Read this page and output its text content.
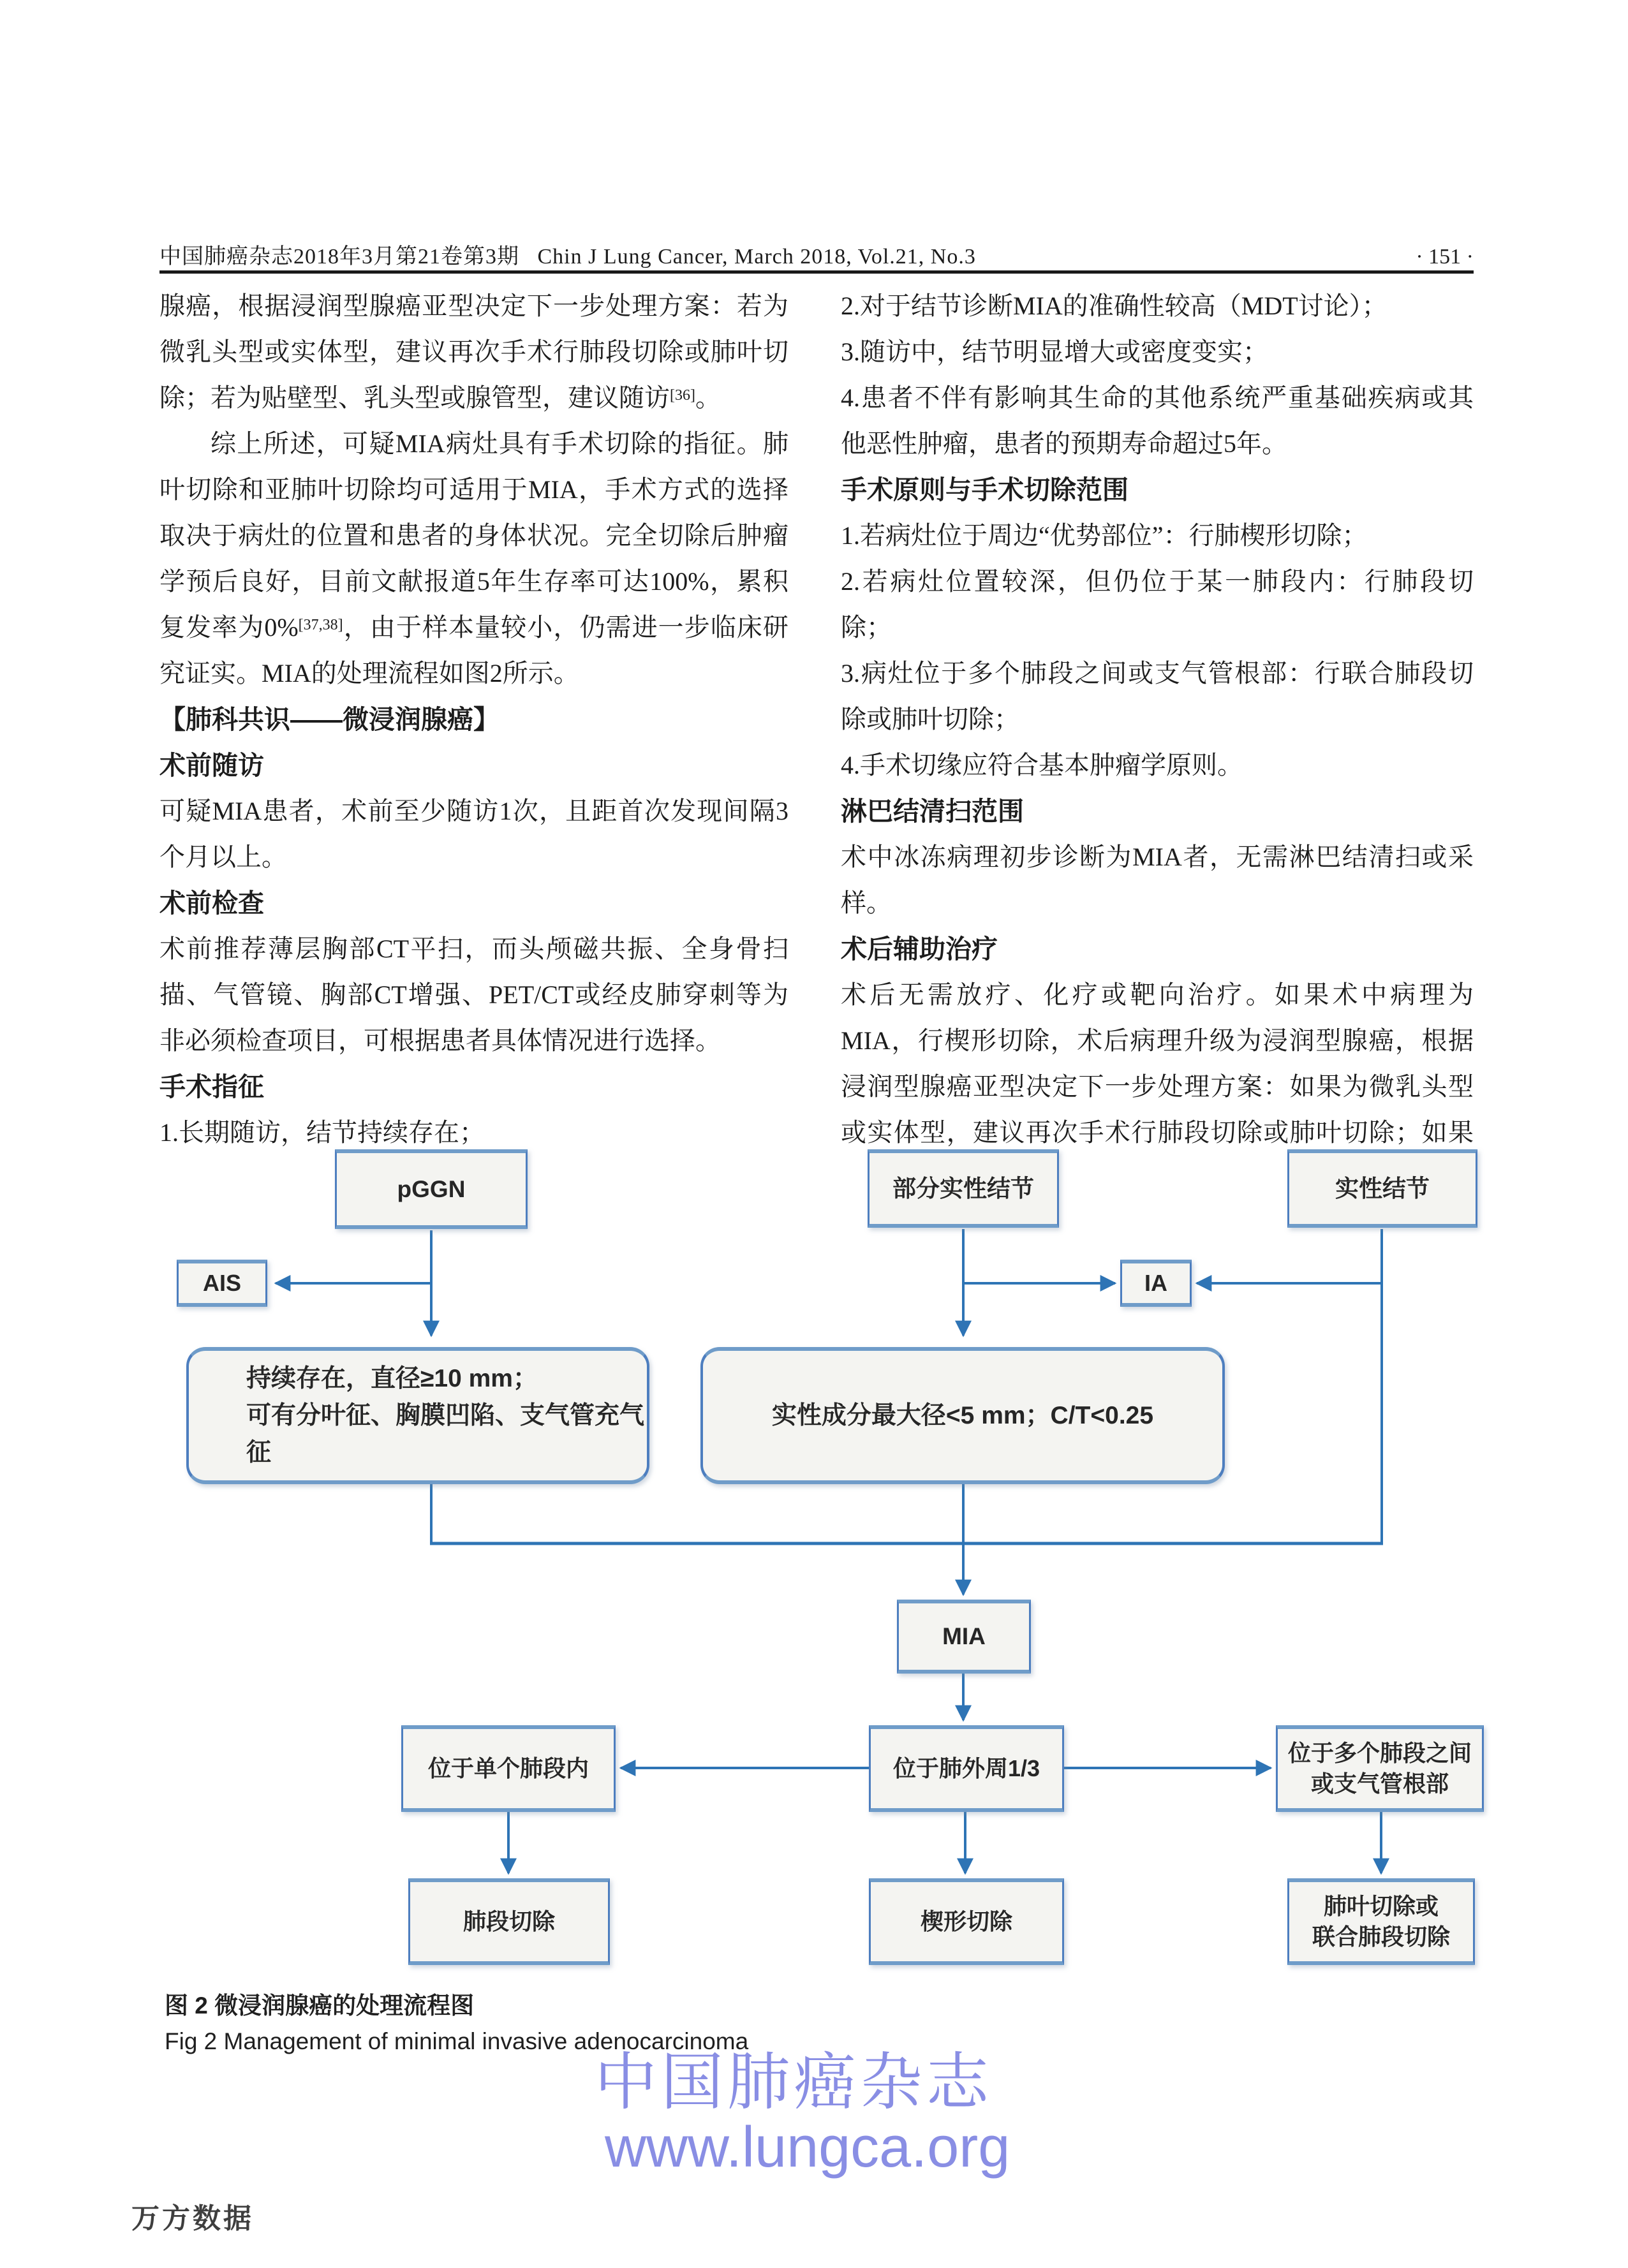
中国肺癌杂志2018年3月第21卷第3期 Chin J Lung Cancer, March 2018, Vol.21, No.3	· 151 ·
腺癌，根据浸润型腺癌亚型决定下一步处理方案：若为
微乳头型或实体型，建议再次手术行肺段切除或肺叶切
除；若为贴壁型、乳头型或腺管型，建议随访[36]。
综上所述，可疑MIA病灶具有手术切除的指征。肺
叶切除和亚肺叶切除均可适用于MIA，手术方式的选择
取决于病灶的位置和患者的身体状况。完全切除后肿瘤
学预后良好，目前文献报道5年生存率可达100%，累积
复发率为0%[37,38]，由于样本量较小，仍需进一步临床研
究证实。MIA的处理流程如图2所示。
【肺科共识——微浸润腺癌】
术前随访
可疑MIA患者，术前至少随访1次，且距首次发现间隔3
个月以上。
术前检查
术前推荐薄层胸部CT平扫，而头颅磁共振、全身骨扫
描、气管镜、胸部CT增强、PET/CT或经皮肺穿刺等为
非必须检查项目，可根据患者具体情况进行选择。
手术指征
1.长期随访，结节持续存在；
2.对于结节诊断MIA的准确性较高（MDT讨论）；
3.随访中，结节明显增大或密度变实；
4.患者不伴有影响其生命的其他系统严重基础疾病或其
他恶性肿瘤，患者的预期寿命超过5年。
手术原则与手术切除范围
1.若病灶位于周边“优势部位”：行肺楔形切除；
2.若病灶位置较深，但仍位于某一肺段内：行肺段切
除；
3.病灶位于多个肺段之间或支气管根部：行联合肺段切
除或肺叶切除；
4.手术切缘应符合基本肿瘤学原则。
淋巴结清扫范围
术中冰冻病理初步诊断为MIA者，无需淋巴结清扫或采
样。
术后辅助治疗
术后无需放疗、化疗或靶向治疗。如果术中病理为
MIA，行楔形切除，术后病理升级为浸润型腺癌，根据
浸润型腺癌亚型决定下一步处理方案：如果为微乳头型
或实体型，建议再次手术行肺段切除或肺叶切除；如果
pGGN	部分实性结节	实性结节
AIS	IA
持续存在，直径≥10 mm；
可有分叶征、胸膜凹陷、支气管充气征
实性成分最大径<5 mm；C/T<0.25
MIA
位于单个肺段内	位于肺外周1/3
位于多个肺段之间
或支气管根部
肺段切除	楔形切除
肺叶切除或
联合肺段切除
图 2 微浸润腺癌的处理流程图
Fig 2 Management of minimal invasive adenocarcinoma
中国肺癌杂志
www.lungca.org
万方数据
